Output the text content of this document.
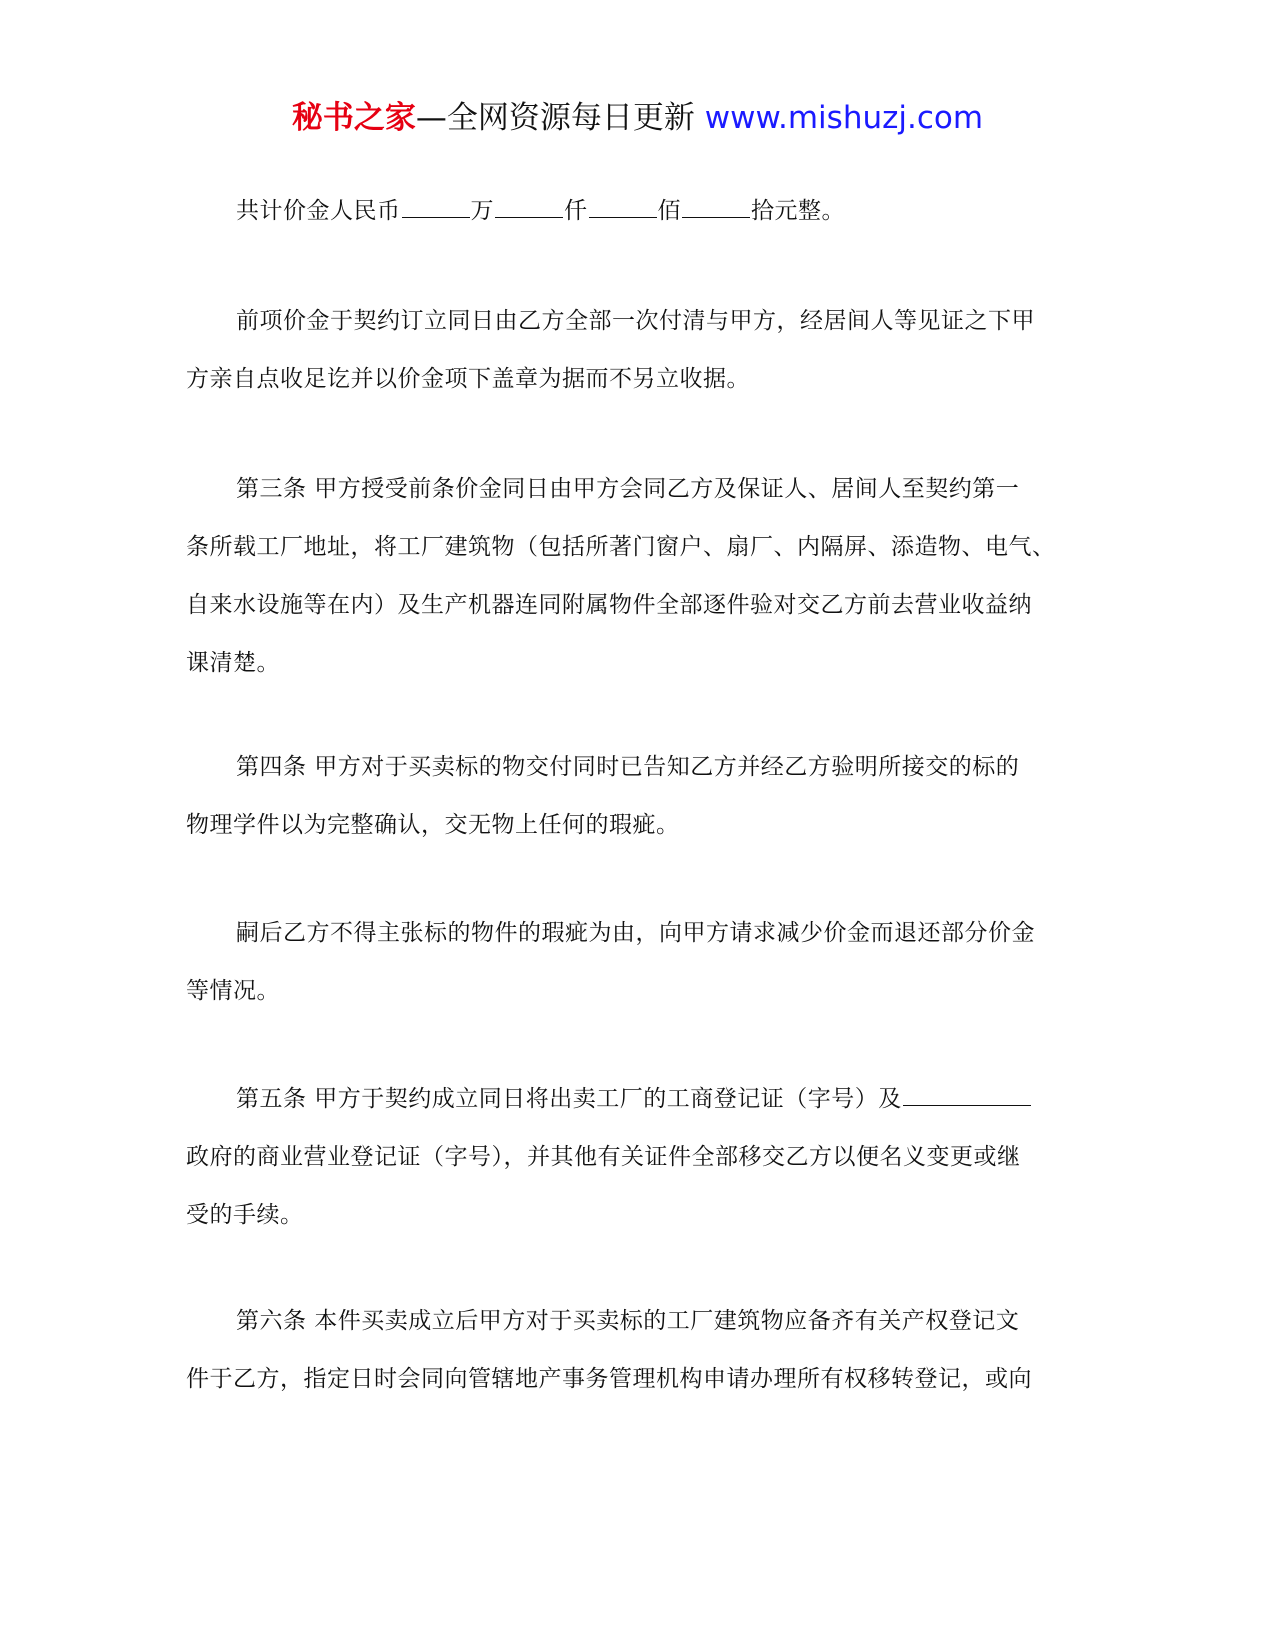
秘书之家—全网资源每日更新 www.mishuzj.com

共计价金人民币	万	仟	佰	拾元整。

前项价金于契约订立同日由乙方全部一次付清与甲方，经居间人等见证之下甲
方亲自点收足讫并以价金项下盖章为据而不另立收据。

第三条 甲方授受前条价金同日由甲方会同乙方及保证人、居间人至契约第一
条所载工厂地址，将工厂建筑物（包括所著门窗户、扇厂、内隔屏、添造物、电气、
自来水设施等在内）及生产机器连同附属物件全部逐件验对交乙方前去营业收益纳
课清楚。

第四条 甲方对于买卖标的物交付同时已告知乙方并经乙方验明所接交的标的
物理学件以为完整确认，交无物上任何的瑕疵。

嗣后乙方不得主张标的物件的瑕疵为由，向甲方请求减少价金而退还部分价金
等情况。

第五条 甲方于契约成立同日将出卖工厂的工商登记证（字号）及
政府的商业营业登记证（字号），并其他有关证件全部移交乙方以便名义变更或继
受的手续。

第六条 本件买卖成立后甲方对于买卖标的工厂建筑物应备齐有关产权登记文
件于乙方，指定日时会同向管辖地产事务管理机构申请办理所有权移转登记，或向
